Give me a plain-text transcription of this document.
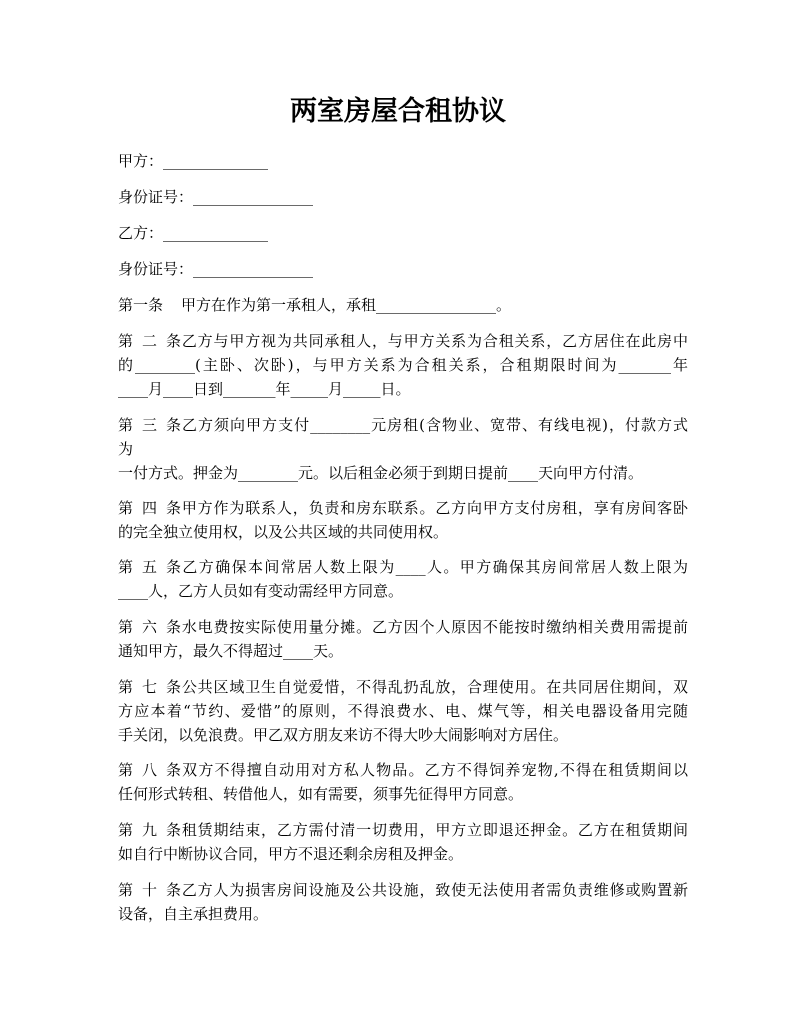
两室房屋合租协议
甲方：______________
身份证号：________________
乙方：______________
身份证号：________________
第一条 甲方在作为第一承租人，承租________________。
第二条乙方与甲方视为共同承租人，与甲方关系为合租关系，乙方居住在此房中
的________(主卧、次卧)，与甲方关系为合租关系，合租期限时间为_______年
____月____日到_______年_____月_____日。
第三条乙方须向甲方支付________元房租(含物业、宽带、有线电视)，付款方式
为
一付方式。押金为________元。以后租金必须于到期日提前____天向甲方付清。
第四条甲方作为联系人，负责和房东联系。乙方向甲方支付房租，享有房间客卧
的完全独立使用权，以及公共区域的共同使用权。
第五条乙方确保本间常居人数上限为____人。甲方确保其房间常居人数上限为
____人，乙方人员如有变动需经甲方同意。
第六条水电费按实际使用量分摊。乙方因个人原因不能按时缴纳相关费用需提前
通知甲方，最久不得超过____天。
第七条公共区域卫生自觉爱惜，不得乱扔乱放，合理使用。在共同居住期间，双
方应本着“节约、爱惜”的原则，不得浪费水、电、煤气等，相关电器设备用完随
手关闭，以免浪费。甲乙双方朋友来访不得大吵大闹影响对方居住。
第八条双方不得擅自动用对方私人物品。乙方不得饲养宠物,不得在租赁期间以
任何形式转租、转借他人，如有需要，须事先征得甲方同意。
第九条租赁期结束，乙方需付清一切费用，甲方立即退还押金。乙方在租赁期间
如自行中断协议合同，甲方不退还剩余房租及押金。
第十条乙方人为损害房间设施及公共设施，致使无法使用者需负责维修或购置新
设备，自主承担费用。
